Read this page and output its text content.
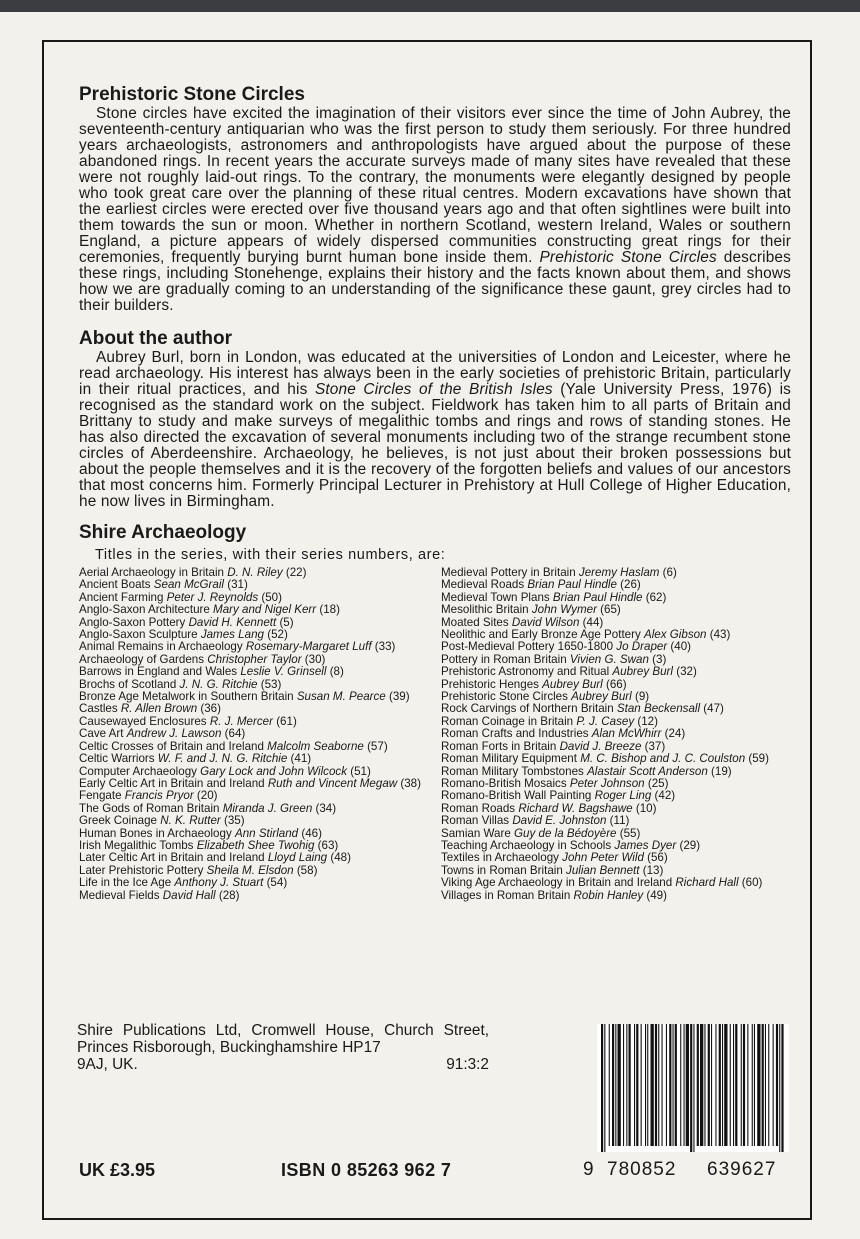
Prehistoric Stone Circles

Stone circles have excited the imagination of their visitors ever since the time of John Aubrey, the seventeenth-century antiquarian who was the first person to study them seriously. For three hundred years archaeologists, astronomers and anthropologists have argued about the purpose of these abandoned rings. In recent years the accurate surveys made of many sites have revealed that these were not roughly laid-out rings. To the contrary, the monuments were elegantly designed by people who took great care over the planning of these ritual centres. Modern excavations have shown that the earliest circles were erected over five thousand years ago and that often sightlines were built into them towards the sun or moon. Whether in northern Scotland, western Ireland, Wales or southern England, a picture appears of widely dispersed communities constructing great rings for their ceremonies, frequently burying burnt human bone inside them. Prehistoric Stone Circles describes these rings, including Stonehenge, explains their history and the facts known about them, and shows how we are gradually coming to an understanding of the significance these gaunt, grey circles had to their builders.

About the author

Aubrey Burl, born in London, was educated at the universities of London and Leicester, where he read archaeology. His interest has always been in the early societies of prehistoric Britain, particularly in their ritual practices, and his Stone Circles of the British Isles (Yale University Press, 1976) is recognised as the standard work on the subject. Fieldwork has taken him to all parts of Britain and Brittany to study and make surveys of megalithic tombs and rings and rows of standing stones. He has also directed the excavation of several monuments including two of the strange recumbent stone circles of Aberdeenshire. Archaeology, he believes, is not just about their broken possessions but about the people themselves and it is the recovery of the forgotten beliefs and values of our ancestors that most concerns him. Formerly Principal Lecturer in Prehistory at Hull College of Higher Education, he now lives in Birmingham.

Shire Archaeology
Titles in the series, with their series numbers, are:

Aerial Archaeology in Britain D. N. Riley (22)

Ancient Boats Sean McGrail (31)

Ancient Farming Peter J. Reynolds (50)

Anglo-Saxon Architecture Mary and Nigel Kerr (18)

Anglo-Saxon Pottery David H. Kennett (5)

Anglo-Saxon Sculpture James Lang (52)

Animal Remains in Archaeology Rosemary-Margaret Luff (33)

Archaeology of Gardens Christopher Taylor (30)

Barrows in England and Wales Leslie V. Grinsell (8)

Brochs of Scotland J. N. G. Ritchie (53)

Bronze Age Metalwork in Southern Britain Susan M. Pearce (39)

Castles R. Allen Brown (36)

Causewayed Enclosures R. J. Mercer (61)

Cave Art Andrew J. Lawson (64)

Celtic Crosses of Britain and Ireland Malcolm Seaborne (57)

Celtic Warriors W. F. and J. N. G. Ritchie (41)

Computer Archaeology Gary Lock and John Wilcock (51)

Early Celtic Art in Britain and Ireland Ruth and Vincent Megaw (38)

Fengate Francis Pryor (20)

The Gods of Roman Britain Miranda J. Green (34)

Greek Coinage N. K. Rutter (35)

Human Bones in Archaeology Ann Stirland (46)

Irish Megalithic Tombs Elizabeth Shee Twohig (63)

Later Celtic Art in Britain and Ireland Lloyd Laing (48)

Later Prehistoric Pottery Sheila M. Elsdon (58)

Life in the Ice Age Anthony J. Stuart (54)

Medieval Fields David Hall (28)

Medieval Pottery in Britain Jeremy Haslam (6)

Medieval Roads Brian Paul Hindle (26)

Medieval Town Plans Brian Paul Hindle (62)

Mesolithic Britain John Wymer (65)

Moated Sites David Wilson (44)

Neolithic and Early Bronze Age Pottery Alex Gibson (43)

Post-Medieval Pottery 1650-1800 Jo Draper (40)

Pottery in Roman Britain Vivien G. Swan (3)

Prehistoric Astronomy and Ritual Aubrey Burl (32)

Prehistoric Henges Aubrey Burl (66)

Prehistoric Stone Circles Aubrey Burl (9)

Rock Carvings of Northern Britain Stan Beckensall (47)

Roman Coinage in Britain P. J. Casey (12)

Roman Crafts and Industries Alan McWhirr (24)

Roman Forts in Britain David J. Breeze (37)

Roman Military Equipment M. C. Bishop and J. C. Coulston (59)

Roman Military Tombstones Alastair Scott Anderson (19)

Romano-British Mosaics Peter Johnson (25)

Romano-British Wall Painting Roger Ling (42)

Roman Roads Richard W. Bagshawe (10)

Roman Villas David E. Johnston (11)

Samian Ware Guy de la Bédoyère (55)

Teaching Archaeology in Schools James Dyer (29)

Textiles in Archaeology John Peter Wild (56)

Towns in Roman Britain Julian Bennett (13)

Viking Age Archaeology in Britain and Ireland Richard Hall (60)

Villages in Roman Britain Robin Hanley (49)

Shire Publications Ltd, Cromwell House, Church Street, Princes Risborough, Buckinghamshire HP17
9AJ, UK.	91:3:2
9 780852	639627
UK £3.95	ISBN 0 85263 962 7
